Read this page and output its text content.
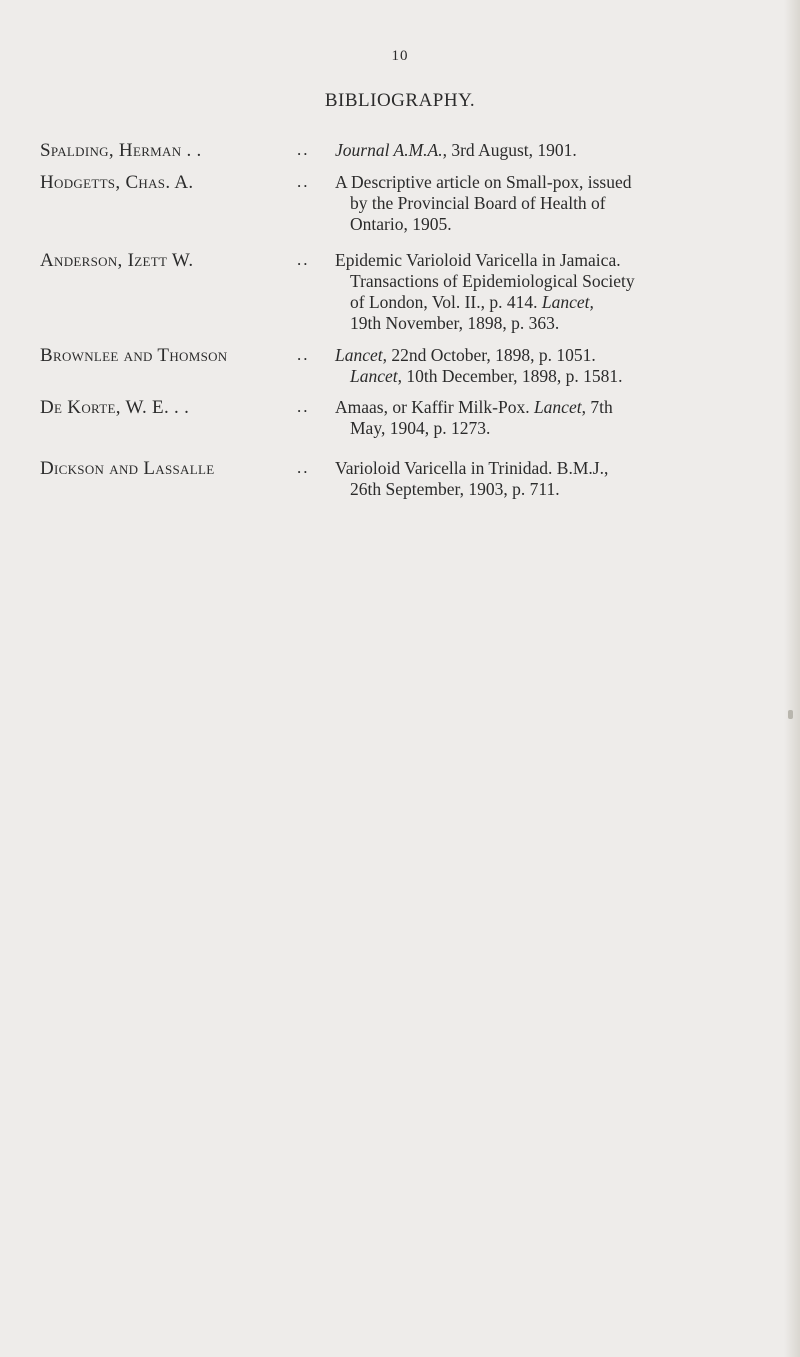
10
BIBLIOGRAPHY.
Spalding, Herman . .	.. Journal A.M.A., 3rd August, 1901.
Hodgetts, Chas. A.	.. A Descriptive article on Small-pox, issued
by the Provincial Board of Health of
Ontario, 1905.
Anderson, Izett W.	.. Epidemic Varioloid Varicella in Jamaica.
Transactions of Epidemiological Society
of London, Vol. II., p. 414. Lancet,
19th November, 1898, p. 363.
Brownlee and Thomson	.. Lancet, 22nd October, 1898, p. 1051.
Lancet, 10th December, 1898, p. 1581.
De Korte, W. E. . .	.. Amaas, or Kaffir Milk-Pox. Lancet, 7th
May, 1904, p. 1273.
Dickson and Lassalle	.. Varioloid Varicella in Trinidad. B.M.J.,
26th September, 1903, p. 711.
